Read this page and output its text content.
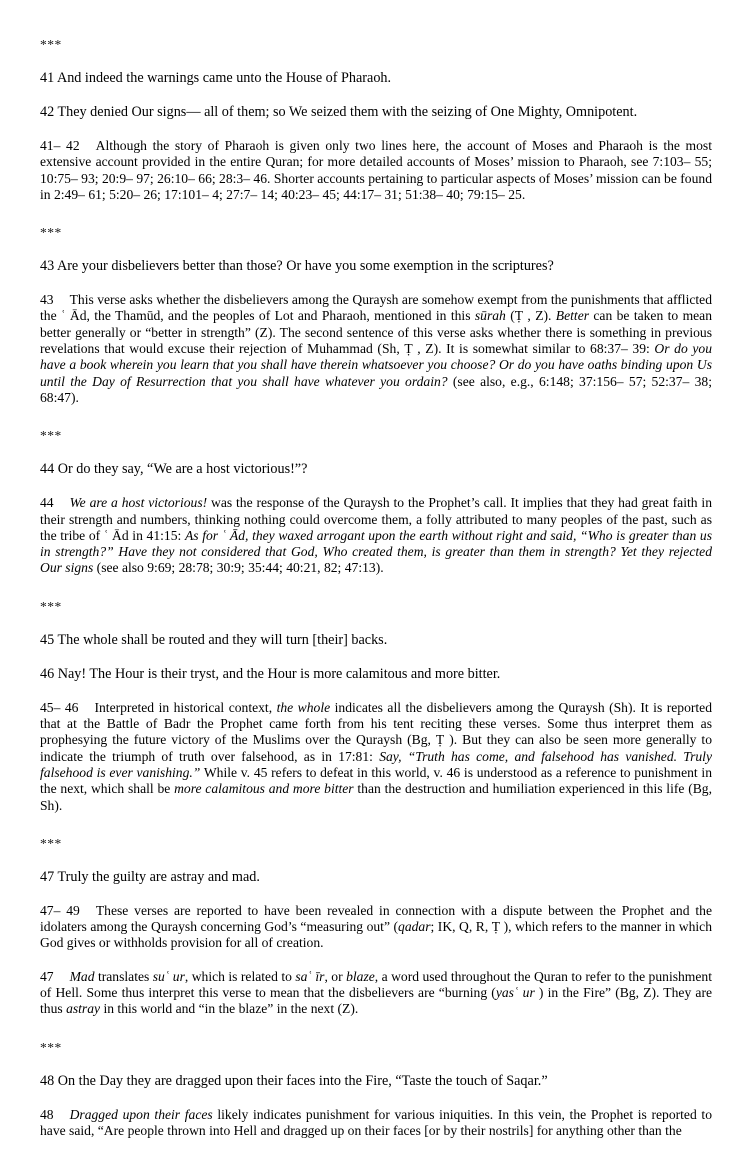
***

41 And indeed the warnings came unto the House of Pharaoh.

42 They denied Our signs— all of them; so We seized them with the seizing of One Mighty, Omnipotent.

41– 42 Although the story of Pharaoh is given only two lines here, the account of Moses and Pharaoh is the most extensive account provided in the entire Quran; for more detailed accounts of Moses’ mission to Pharaoh, see 7:103– 55; 10:75– 93; 20:9– 97; 26:10– 66; 28:3– 46. Shorter accounts pertaining to particular aspects of Moses’ mission can be found in 2:49– 61; 5:20– 26; 17:101– 4; 27:7– 14; 40:23– 45; 44:17– 31; 51:38– 40; 79:15– 25.

***

43 Are your disbelievers better than those? Or have you some exemption in the scriptures?

43 This verse asks whether the disbelievers among the Quraysh are somehow exempt from the punishments that afflicted the ʿ Ād, the Thamūd, and the peoples of Lot and Pharaoh, mentioned in this sūrah (Ṭ , Z). Better can be taken to mean better generally or “better in strength” (Z). The second sentence of this verse asks whether there is something in previous revelations that would excuse their rejection of Muhammad (Sh, Ṭ , Z). It is somewhat similar to 68:37– 39: Or do you have a book wherein you learn that you shall have therein whatsoever you choose? Or do you have oaths binding upon Us until the Day of Resurrection that you shall have whatever you ordain? (see also, e.g., 6:148; 37:156– 57; 52:37– 38; 68:47).

***

44 Or do they say, “We are a host victorious!”?

44 We are a host victorious! was the response of the Quraysh to the Prophet’s call. It implies that they had great faith in their strength and numbers, thinking nothing could overcome them, a folly attributed to many peoples of the past, such as the tribe of ʿ Ād in 41:15: As for ʿ Ād, they waxed arrogant upon the earth without right and said, “Who is greater than us in strength?” Have they not considered that God, Who created them, is greater than them in strength? Yet they rejected Our signs (see also 9:69; 28:78; 30:9; 35:44; 40:21, 82; 47:13).

***

45 The whole shall be routed and they will turn [their] backs.

46 Nay! The Hour is their tryst, and the Hour is more calamitous and more bitter.

45– 46 Interpreted in historical context, the whole indicates all the disbelievers among the Quraysh (Sh). It is reported that at the Battle of Badr the Prophet came forth from his tent reciting these verses. Some thus interpret them as prophesying the future victory of the Muslims over the Quraysh (Bg, Ṭ ). But they can also be seen more generally to indicate the triumph of truth over falsehood, as in 17:81: Say, “Truth has come, and falsehood has vanished. Truly falsehood is ever vanishing.” While v. 45 refers to defeat in this world, v. 46 is understood as a reference to punishment in the next, which shall be more calamitous and more bitter than the destruction and humiliation experienced in this life (Bg, Sh).

***

47 Truly the guilty are astray and mad.

47– 49 These verses are reported to have been revealed in connection with a dispute between the Prophet and the idolaters among the Quraysh concerning God’s “measuring out” (qadar; IK, Q, R, Ṭ ), which refers to the manner in which God gives or withholds provision for all of creation.

47 Mad translates suʿ ur, which is related to saʿ īr, or blaze, a word used throughout the Quran to refer to the punishment of Hell. Some thus interpret this verse to mean that the disbelievers are “burning (yasʿ ur ) in the Fire” (Bg, Z). They are thus astray in this world and “in the blaze” in the next (Z).

***

48 On the Day they are dragged upon their faces into the Fire, “Taste the touch of Saqar.”

48 Dragged upon their faces likely indicates punishment for various iniquities. In this vein, the Prophet is reported to have said, “Are people thrown into Hell and dragged up on their faces [or by their nostrils] for anything other than the
